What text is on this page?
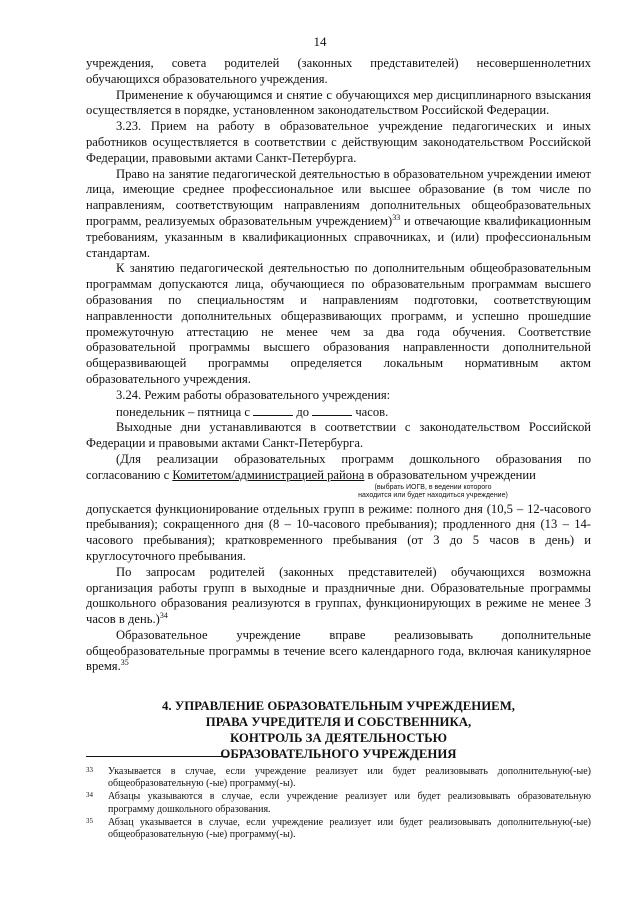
14

учреждения, совета родителей (законных представителей) несовершеннолетних обучающихся образовательного учреждения.

Применение к обучающимся и снятие с обучающихся мер дисциплинарного взыскания осуществляется в порядке, установленном законодательством Российской Федерации.

3.23. Прием на работу в образовательное учреждение педагогических и иных работников осуществляется в соответствии с действующим законодательством Российской Федерации, правовыми актами Санкт-Петербурга.

Право на занятие педагогической деятельностью в образовательном учреждении имеют лица, имеющие среднее профессиональное или высшее образование (в том числе по направлениям, соответствующим направлениям дополнительных общеобразовательных программ, реализуемых образовательным учреждением)$^{33}$ и отвечающие квалификационным требованиям, указанным в квалификационных справочниках, и (или) профессиональным стандартам.

К занятию педагогической деятельностью по дополнительным общеобразовательным программам допускаются лица, обучающиеся по образовательным программам высшего образования по специальностям и направлениям подготовки, соответствующим направленности дополнительных общеразвивающих программ, и успешно прошедшие промежуточную аттестацию не менее чем за два года обучения. Соответствие образовательной программы высшего образования направленности дополнительной общеразвивающей программы определяется локальным нормативным актом образовательного учреждения.

3.24. Режим работы образовательного учреждения:

понедельник – пятница с	до	часов.

Выходные дни устанавливаются в соответствии с законодательством Российской Федерации и правовыми актами Санкт-Петербурга.

(Для реализации образовательных программ дошкольного образования по согласованию с Комитетом/администрацией района в образовательном учреждении

(выбрать ИОГВ, в ведении которого находится или будет находиться учреждение)

допускается функционирование отдельных групп в режиме: полного дня (10,5 – 12-часового пребывания); сокращенного дня (8 – 10-часового пребывания); продленного дня (13 – 14-часового пребывания); кратковременного пребывания (от 3 до 5 часов в день) и круглосуточного пребывания.

По запросам родителей (законных представителей) обучающихся возможна организация работы групп в выходные и праздничные дни. Образовательные программы дошкольного образования реализуются в группах, функционирующих в режиме не менее 3 часов в день.)$^{34}$

Образовательное учреждение вправе реализовывать дополнительные общеобразовательные программы в течение всего календарного года, включая каникулярное время.$^{35}$

4. УПРАВЛЕНИЕ ОБРАЗОВАТЕЛЬНЫМ УЧРЕЖДЕНИЕМ,
ПРАВА УЧРЕДИТЕЛЯ И СОБСТВЕННИКА,
КОНТРОЛЬ ЗА ДЕЯТЕЛЬНОСТЬЮ
ОБРАЗОВАТЕЛЬНОГО УЧРЕЖДЕНИЯ
33 Указывается в случае, если учреждение реализует или будет реализовывать дополнительную(-ые) общеобразовательную (-ые) программу(-ы).
34 Абзацы указываются в случае, если учреждение реализует или будет реализовывать образовательную программу дошкольного образования.
35 Абзац указывается в случае, если учреждение реализует или будет реализовывать дополнительную(-ые) общеобразовательную (-ые) программу(-ы).
